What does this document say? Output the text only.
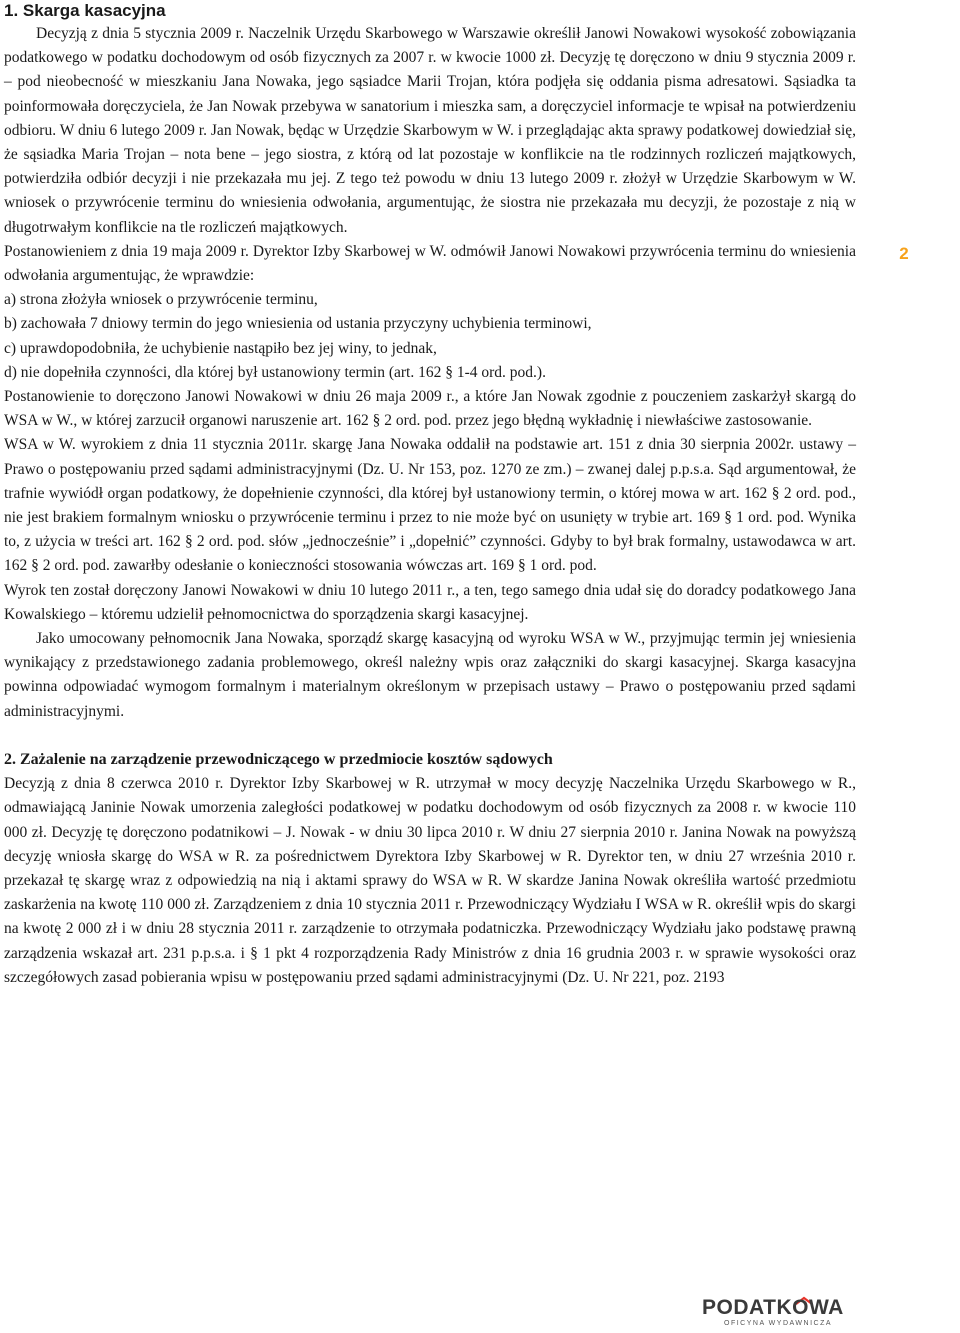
1. Skarga kasacyjna

Decyzją z dnia 5 stycznia 2009 r. Naczelnik Urzędu Skarbowego w Warszawie określił Janowi Nowakowi wysokość zobowiązania podatkowego w podatku dochodowym od osób fizycznych za 2007 r. w kwocie 1000 zł. Decyzję tę doręczono w dniu 9 stycznia 2009 r. – pod nieobecność w mieszkaniu Jana Nowaka, jego sąsiadce Marii Trojan, która podjęła się oddania pisma adresatowi. Sąsiadka ta poinformowała doręczyciela, że Jan Nowak przebywa w sanatorium i mieszka sam, a doręczyciel informacje te wpisał na potwierdzeniu odbioru. W dniu 6 lutego 2009 r. Jan Nowak, będąc w Urzędzie Skarbowym w W. i przeglądając akta sprawy podatkowej dowiedział się, że sąsiadka Maria Trojan – nota bene – jego siostra, z którą od lat pozostaje w konflikcie na tle rodzinnych rozliczeń majątkowych, potwierdziła odbiór decyzji i nie przekazała mu jej. Z tego też powodu w dniu 13 lutego 2009 r. złożył w Urzędzie Skarbowym w W. wniosek o przywrócenie terminu do wniesienia odwołania, argumentując, że siostra nie przekazała mu decyzji, że pozostaje z nią w długotrwałym konflikcie na tle rozliczeń majątkowych.

Postanowieniem z dnia 19 maja 2009 r. Dyrektor Izby Skarbowej w W. odmówił Janowi Nowakowi przywrócenia terminu do wniesienia odwołania argumentując, że wprawdzie:

a) strona złożyła wniosek o przywrócenie terminu,

b) zachowała 7 dniowy termin do jego wniesienia od ustania przyczyny uchybienia terminowi,

c) uprawdopodobniła, że uchybienie nastąpiło bez jej winy, to jednak,

d) nie dopełniła czynności, dla której był ustanowiony termin (art. 162 § 1-4 ord. pod.).

Postanowienie to doręczono Janowi Nowakowi w dniu 26 maja 2009 r., a które Jan Nowak zgodnie z pouczeniem zaskarżył skargą do WSA w W., w której zarzucił organowi naruszenie art. 162 § 2 ord. pod. przez jego błędną wykładnię i niewłaściwe zastosowanie.

WSA w W. wyrokiem z dnia 11 stycznia 2011r. skargę Jana Nowaka oddalił na podstawie art. 151 z dnia 30 sierpnia 2002r. ustawy – Prawo o postępowaniu przed sądami administracyjnymi (Dz. U. Nr 153, poz. 1270 ze zm.) – zwanej dalej p.p.s.a. Sąd argumentował, że trafnie wywiódł organ podatkowy, że dopełnienie czynności, dla której był ustanowiony termin, o której mowa w art. 162 § 2 ord. pod., nie jest brakiem formalnym wniosku o przywrócenie terminu i przez to nie może być on usunięty w trybie art. 169 § 1 ord. pod. Wynika to, z użycia w treści art. 162 § 2 ord. pod. słów „jednocześnie” i „dopełnić” czynności. Gdyby to był brak formalny, ustawodawca w art. 162 § 2 ord. pod. zawarłby odesłanie o konieczności stosowania wówczas art. 169 § 1 ord. pod.

Wyrok ten został doręczony Janowi Nowakowi w dniu 10 lutego 2011 r., a ten, tego samego dnia udał się do doradcy podatkowego Jana Kowalskiego – któremu udzielił pełnomocnictwa do sporządzenia skargi kasacyjnej.

Jako umocowany pełnomocnik Jana Nowaka, sporządź skargę kasacyjną od wyroku WSA w W., przyjmując termin jej wniesienia wynikający z przedstawionego zadania problemowego, określ należny wpis oraz załączniki do skargi kasacyjnej. Skarga kasacyjna powinna odpowiadać wymogom formalnym i materialnym określonym w przepisach ustawy – Prawo o postępowaniu przed sądami administracyjnymi.

2. Zażalenie na zarządzenie przewodniczącego w przedmiocie kosztów sądowych

Decyzją z dnia 8 czerwca 2010 r. Dyrektor Izby Skarbowej w R. utrzymał w mocy decyzję Naczelnika Urzędu Skarbowego w R., odmawiającą Janinie Nowak umorzenia zaległości podatkowej w podatku dochodowym od osób fizycznych za 2008 r. w kwocie 110 000 zł. Decyzję tę doręczono podatnikowi – J. Nowak - w dniu 30 lipca 2010 r. W dniu 27 sierpnia 2010 r. Janina Nowak na powyższą decyzję wniosła skargę do WSA w R. za pośrednictwem Dyrektora Izby Skarbowej w R. Dyrektor ten, w dniu 27 września 2010 r. przekazał tę skargę wraz z odpowiedzią na nią i aktami sprawy do WSA w R. W skardze Janina Nowak określiła wartość przedmiotu zaskarżenia na kwotę 110 000 zł. Zarządzeniem z dnia 10 stycznia 2011 r. Przewodniczący Wydziału I WSA w R. określił wpis do skargi na kwotę 2 000 zł i w dniu 28 stycznia 2011 r. zarządzenie to otrzymała podatniczka. Przewodniczący Wydziału jako podstawę prawną zarządzenia wskazał art. 231 p.p.s.a. i § 1 pkt 4 rozporządzenia Rady Ministrów z dnia 16 grudnia 2003 r. w sprawie wysokości oraz szczegółowych zasad pobierania wpisu w postępowaniu przed sądami administracyjnymi (Dz. U. Nr 221, poz. 2193

2
PODATKOWA
OFICYNA WYDAWNICZA
